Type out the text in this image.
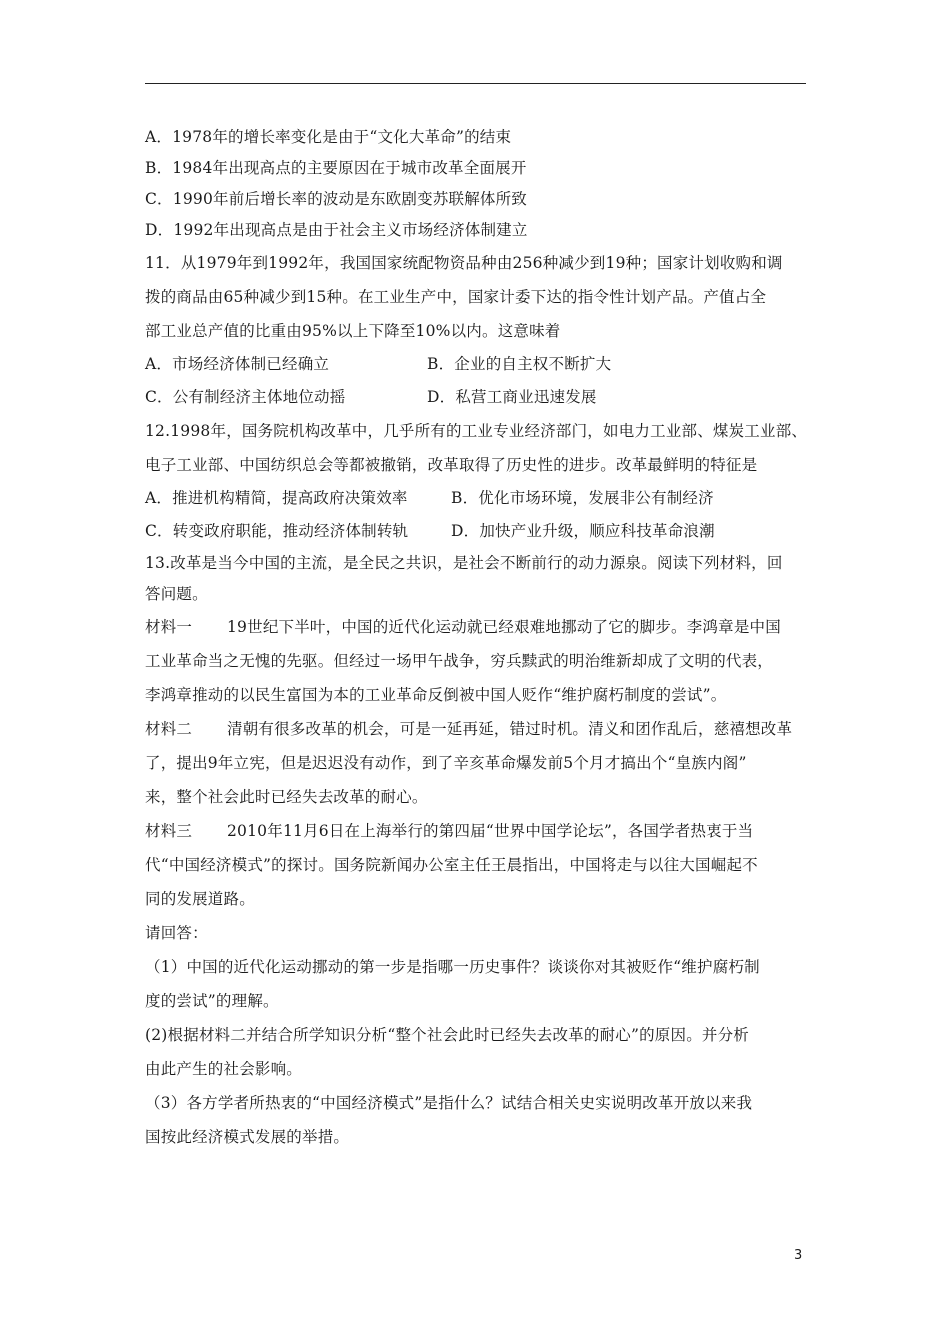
A．1978年的增长率变化是由于“文化大革命”的结束
B．1984年出现高点的主要原因在于城市改革全面展开
C．1990年前后增长率的波动是东欧剧变苏联解体所致
D．1992年出现高点是由于社会主义市场经济体制建立
11．从1979年到1992年，我国国家统配物资品种由256种减少到19种；国家计划收购和调
拨的商品由65种减少到15种。在工业生产中，国家计委下达的指令性计划产品。产值占全
部工业总产值的比重由95%以上下降至10%以内。这意味着
A．市场经济体制已经确立	B．企业的自主权不断扩大
C．公有制经济主体地位动摇	D．私营工商业迅速发展
12.1998年，国务院机构改革中，几乎所有的工业专业经济部门，如电力工业部、煤炭工业部、
电子工业部、中国纺织总会等都被撤销，改革取得了历史性的进步。改革最鲜明的特征是
A．推进机构精简，提高政府决策效率	B．优化市场环境，发展非公有制经济
C．转变政府职能，推动经济体制转轨	D．加快产业升级，顺应科技革命浪潮
13.改革是当今中国的主流，是全民之共识，是社会不断前行的动力源泉。阅读下列材料，回
答问题。
材料一 19世纪下半叶，中国的近代化运动就已经艰难地挪动了它的脚步。李鸿章是中国
工业革命当之无愧的先驱。但经过一场甲午战争，穷兵黩武的明治维新却成了文明的代表，
李鸿章推动的以民生富国为本的工业革命反倒被中国人贬作“维护腐朽制度的尝试”。
材料二 清朝有很多改革的机会，可是一延再延，错过时机。清义和团作乱后，慈禧想改革
了，提出9年立宪，但是迟迟没有动作，到了辛亥革命爆发前5个月才搞出个“皇族内阁”
来，整个社会此时已经失去改革的耐心。
材料三 2010年11月6日在上海举行的第四届“世界中国学论坛”，各国学者热衷于当
代“中国经济模式”的探讨。国务院新闻办公室主任王晨指出，中国将走与以往大国崛起不
同的发展道路。
请回答：
（1）中国的近代化运动挪动的第一步是指哪一历史事件？谈谈你对其被贬作“维护腐朽制
度的尝试”的理解。
(2)根据材料二并结合所学知识分析“整个社会此时已经失去改革的耐心”的原因。并分析
由此产生的社会影响。
（3）各方学者所热衷的“中国经济模式”是指什么？试结合相关史实说明改革开放以来我
国按此经济模式发展的举措。
3
